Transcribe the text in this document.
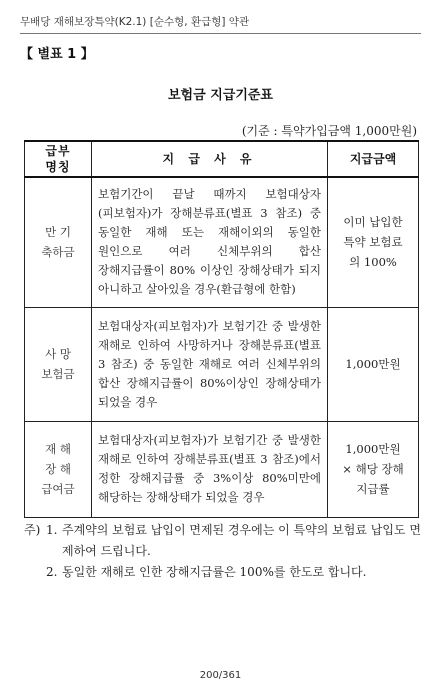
무배당 재해보장특약(K2.1) [순수형, 환급형] 약관
【 별표 1 】
보험금 지급기준표
(기준 : 특약가입금액 1,000만원)
급부
명칭	지 급 사 유	지급금액

만 기
축하금	보험기간이 끝날 때까지 보험대상자(피보험자)가 장해분류표(별표 3 참조) 중 동일한 재해 또는 재해이외의 동일한 원인으로 여러 신체부위의 합산 장해지급률이 80% 이상인 장해상태가 되지 아니하고 살아있을 경우(환급형에 한함)	이미 납입한
특약 보험료
의 100%

사 망
보험금	보험대상자(피보험자)가 보험기간 중 발생한 재해로 인하여 사망하거나 장해분류표(별표 3 참조) 중 동일한 재해로 여러 신체부위의 합산 장해지급률이 80%이상인 장해상태가 되었을 경우	1,000만원

재 해
장 해
급여금	보험대상자(피보험자)가 보험기간 중 발생한 재해로 인하여 장해분류표(별표 3 참조)에서 정한 장해지급률 중 3%이상 80%미만에 해당하는 장해상태가 되었을 경우	1,000만원
× 해당 장해
지급률
주) 1. 주계약의 보험료 납입이 면제된 경우에는 이 특약의 보험료 납입도 면제하여 드립니다.
2. 동일한 재해로 인한 장해지급률은 100%를 한도로 합니다.
200/361
